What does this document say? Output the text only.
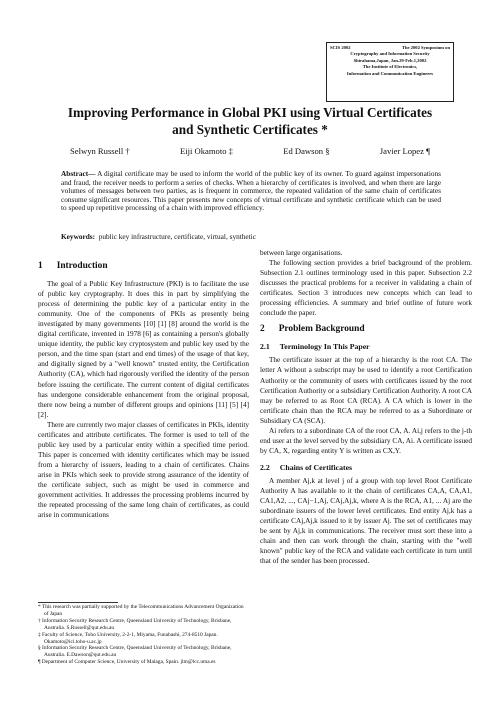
SCIS 2002	The 2002 Symposium on
Cryptography and Information Security
Shirahama,Japan, Jan.29-Feb.1,2002
The Institute of Electronics,
Information and Communication Engineers
Improving Performance in Global PKI using Virtual Certificates
and Synthetic Certificates *
Selwyn Russell †	Eiji Okamoto ‡	Ed Dawson §	Javier Lopez ¶
Abstract— A digital certificate may be used to inform the world of the public key of its owner. To guard against impersonations and fraud, the receiver needs to perform a series of checks. When a hierarchy of certificates is involved, and when there are large volumes of messages between two parties, as is frequent in commerce, the repeated validation of the same chain of certificates consume significant resources. This paper presents new concepts of virtual certificate and synthetic certificate which can be used to speed up repetitive processing of a chain with improved efficiency.
Keywords: public key infrastructure, certificate, virtual, synthetic
1 Introduction

The goal of a Public Key Infrastructure (PKI) is to facilitate the use of public key cryptography. It does this in part by simplifying the process of determining the public key of a particular entity in the community. One of the components of PKIs as presently being investigated by many governments [10] [1] [8] around the world is the digital certificate, invented in 1978 [6] as containing a person's globally unique identity, the public key cryptosystem and public key used by the person, and the time span (start and end times) of the usage of that key, and digitally signed by a "well known" trusted entity, the Certification Authority (CA), which had rigorously verified the identity of the person before issuing the certificate. The current content of digital certificates has undergone considerable enhancement from the original proposal, there now being a number of different groups and opinions [11] [5] [4] [2].

There are currently two major classes of certificates in PKIs, identity certificates and attribute certificates. The former is used to tell of the public key used by a particular entity within a specified time period. This paper is concerned with identity certificates which may be issued from a hierarchy of issuers, leading to a chain of certificates. Chains arise in PKIs which seek to provide strong assurance of the identity of the certificate subject, such as might be used in commerce and government activities. It addresses the processing problems incurred by the repeated processing of the same long chain of certificates, as could arise in communications

between large organisations.

The following section provides a brief background of the problem. Subsection 2.1 outlines terminology used in this paper. Subsection 2.2 discusses the practical problems for a receiver in validating a chain of certificates. Section 3 introduces new concepts which can lead to processing efficiencies. A summary and brief outline of future work conclude the paper.

2 Problem Background
2.1 Terminology In This Paper

The certificate issuer at the top of a hierarchy is the root CA. The letter A without a subscript may be used to identify a root Certification Authority or the community of users with certificates issued by the root Certification Authority or a subsidiary Certification Authority. A root CA may be referred to as Root CA (RCA). A CA which is lower in the certificate chain than the RCA may be referred to as a Subordinate or Subsidiary CA (SCA).

Ai refers to a subordinate CA of the root CA, A. Ai,j refers to the j-th end user at the level served by the subsidiary CA, Ai. A certificate issued by CA, X, regarding entity Y is written as CX,Y.

2.2 Chains of Certificates

A member Aj,k at level j of a group with top level Root Certificate Authority A has available to it the chain of certificates CA,A, CA,A1, CA1,A2, ..., CAj−1,Aj, CAj,Aj,k, where A is the RCA, A1, ... Aj are the subordinate issuers of the lower level certificates. End entity Aj,k has a certificate CAj,Aj,k issued to it by issuer Aj. The set of certificates may be sent by Aj,k in communications. The receiver must sort these into a chain and then can work through the chain, starting with the "well known" public key of the RCA and validate each certificate in turn until that of the sender has been processed.

* This research was partially supported by the Telecommunications Advancement Organization of Japan
† Information Security Research Centre, Queensland University of Technology, Brisbane, Australia. S.Russell@qut.edu.au
‡ Faculty of Science, Toho University, 2-2-1, Miyama, Funabashi, 274-8510 Japan. Okamoto@ici.toho-u.ac.jp
§ Information Security Research Centre, Queensland University of Technology, Brisbane, Australia. E.Dawson@qut.edu.au
¶ Department of Computer Science, University of Malaga, Spain. jlm@lcc.uma.es
